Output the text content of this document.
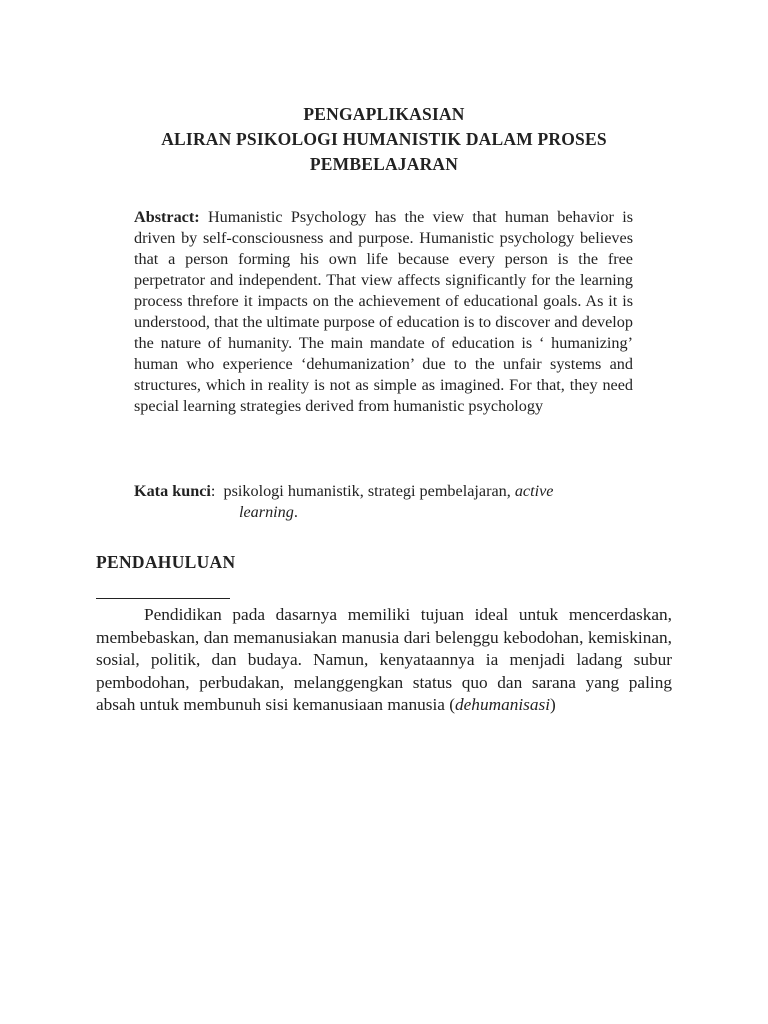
PENGAPLIKASIAN
ALIRAN PSIKOLOGI HUMANISTIK DALAM PROSES
PEMBELAJARAN
Abstract: Humanistic Psychology has the view that human behavior is driven by self-consciousness and purpose. Humanistic psychology believes that a person forming his own life because every person is the free perpetrator and independent. That view affects significantly for the learning process threfore it impacts on the achievement of educational goals. As it is understood, that the ultimate purpose of education is to discover and develop the nature of humanity. The main mandate of education is ‘ humanizing’ human who experience ‘dehumanization’ due to the unfair systems and structures, which in reality is not as simple as imagined. For that, they need special learning strategies derived from humanistic psychology
Kata kunci: psikologi humanistik, strategi pembelajaran, active
learning.
PENDAHULUAN
Pendidikan pada dasarnya memiliki tujuan ideal untuk mencerdaskan, membebaskan, dan memanusiakan manusia dari belenggu kebodohan, kemiskinan, sosial, politik, dan budaya. Namun, kenyataannya ia menjadi ladang subur pembodohan, perbudakan, melanggengkan status quo dan sarana yang paling absah untuk membunuh sisi kemanusiaan manusia (dehumanisasi)
